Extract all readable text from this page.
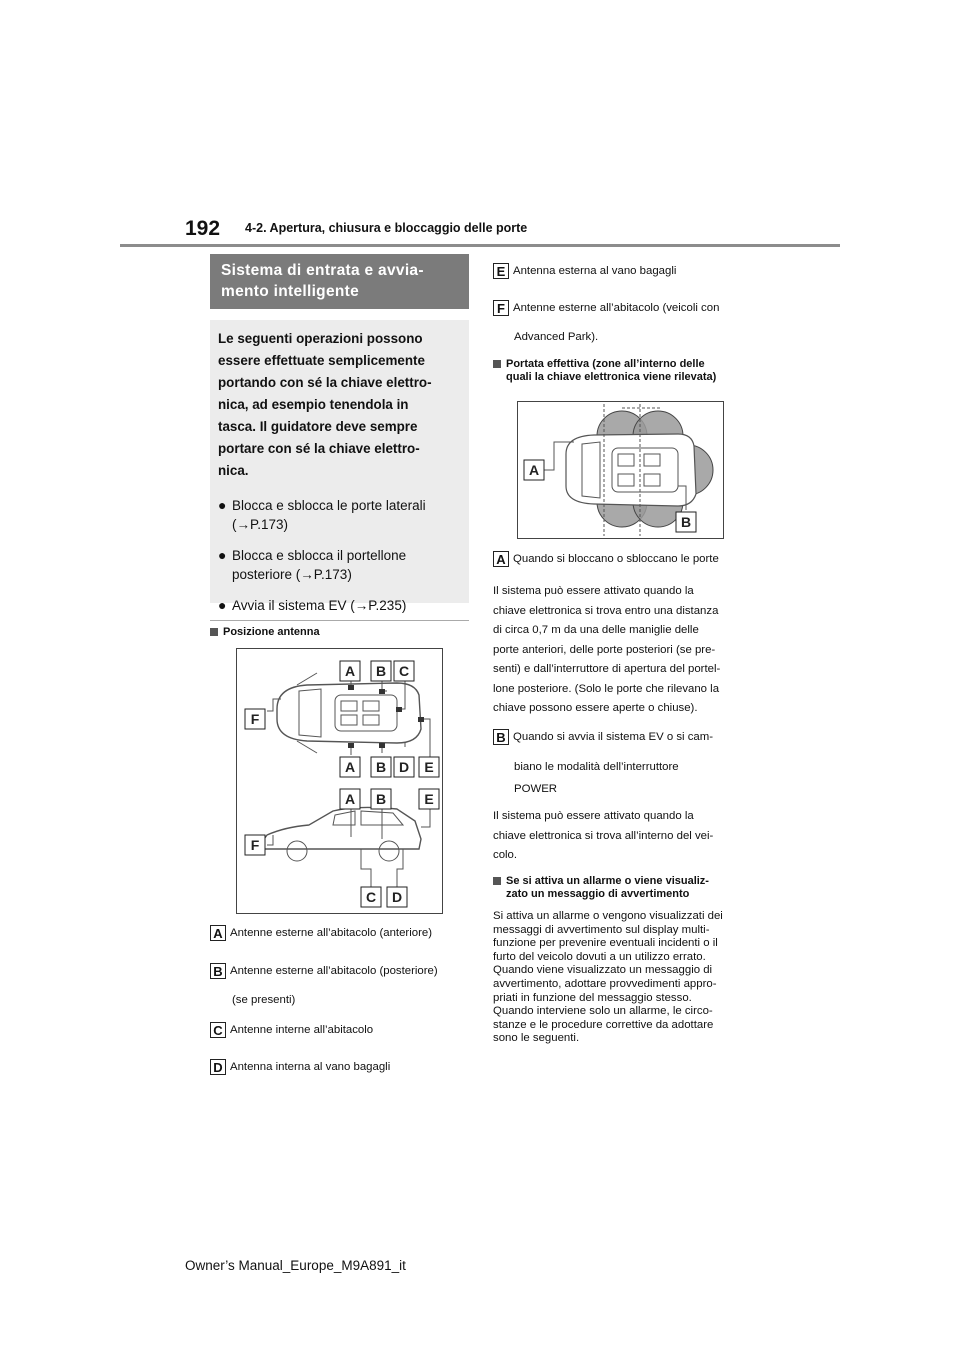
192 4-2. Apertura, chiusura e bloccaggio delle porte
Sistema di entrata e avvia-
mento intelligente

Le seguenti operazioni possono
essere effettuate semplicemente
portando con sé la chiave elettro-
nica, ad esempio tenendola in
tasca. Il guidatore deve sempre
portare con sé la chiave elettro-
nica.

● Blocca e sblocca le porte laterali
(→P.173)
● Blocca e sblocca il portellone
posteriore (→P.173)
● Avvia il sistema EV (→P.235)
Posizione antenna
A B C
F
A B D E
A B	E
F
C D
A Antenne esterne all’abitacolo (anteriore)
B Antenne esterne all’abitacolo (posteriore)
(se presenti)
C Antenne interne all’abitacolo
D Antenna interna al vano bagagli
E Antenna esterna al vano bagagli
F Antenne esterne all’abitacolo (veicoli con
Advanced Park).
Portata effettiva (zone all’interno delle
quali la chiave elettronica viene rilevata)
A
B
A Quando si bloccano o sbloccano le porte
Il sistema può essere attivato quando la
chiave elettronica si trova entro una distanza
di circa 0,7 m da una delle maniglie delle
porte anteriori, delle porte posteriori (se pre-
senti) e dall’interruttore di apertura del portel-
lone posteriore. (Solo le porte che rilevano la
chiave possono essere aperte o chiuse).
B Quando si avvia il sistema EV o si cam-
biano le modalità dell’interruttore
POWER
Il sistema può essere attivato quando la
chiave elettronica si trova all’interno del vei-
colo.
Se si attiva un allarme o viene visualiz-
zato un messaggio di avvertimento
Si attiva un allarme o vengono visualizzati dei
messaggi di avvertimento sul display multi-
funzione per prevenire eventuali incidenti o il
furto del veicolo dovuti a un utilizzo errato.
Quando viene visualizzato un messaggio di
avvertimento, adottare provvedimenti appro-
priati in funzione del messaggio stesso.
Quando interviene solo un allarme, le circo-
stanze e le procedure correttive da adottare
sono le seguenti.
Owner’s Manual_Europe_M9A891_it
